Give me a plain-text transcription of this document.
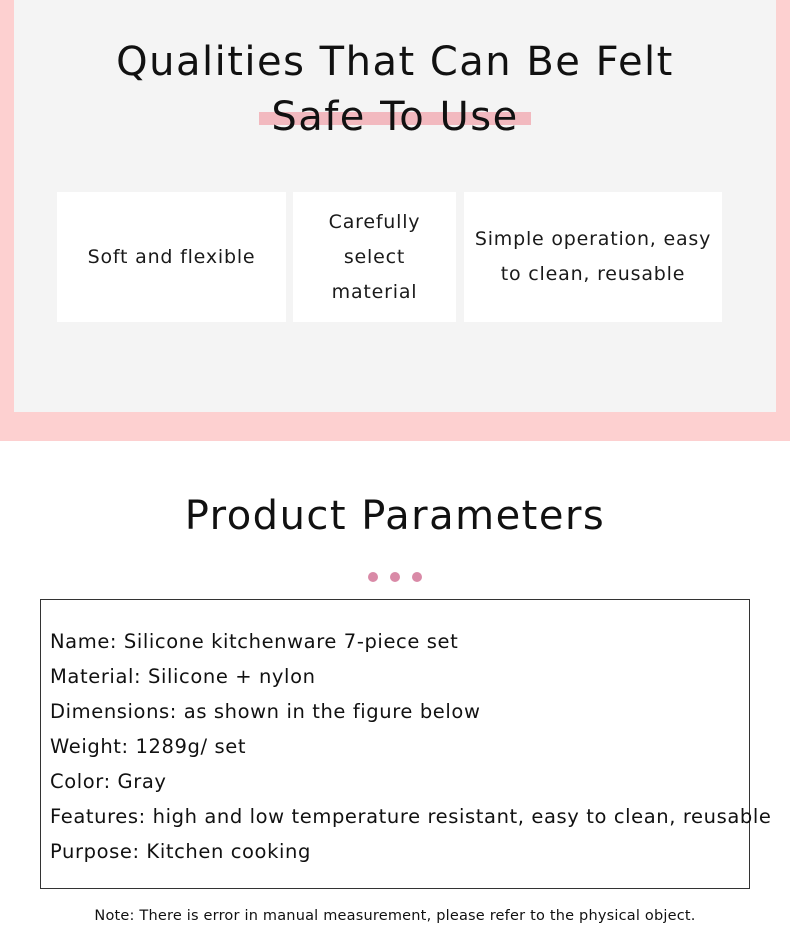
Qualities That Can Be Felt
Safe To Use
Soft and flexible
Carefully select
material
Simple operation, easy
to clean, reusable
Product Parameters
Name: Silicone kitchenware 7-piece set
Material: Silicone + nylon
Dimensions: as shown in the figure below
Weight: 1289g/ set
Color: Gray
Features: high and low temperature resistant, easy to clean, reusable
Purpose: Kitchen cooking
Note: There is error in manual measurement, please refer to the physical object.
